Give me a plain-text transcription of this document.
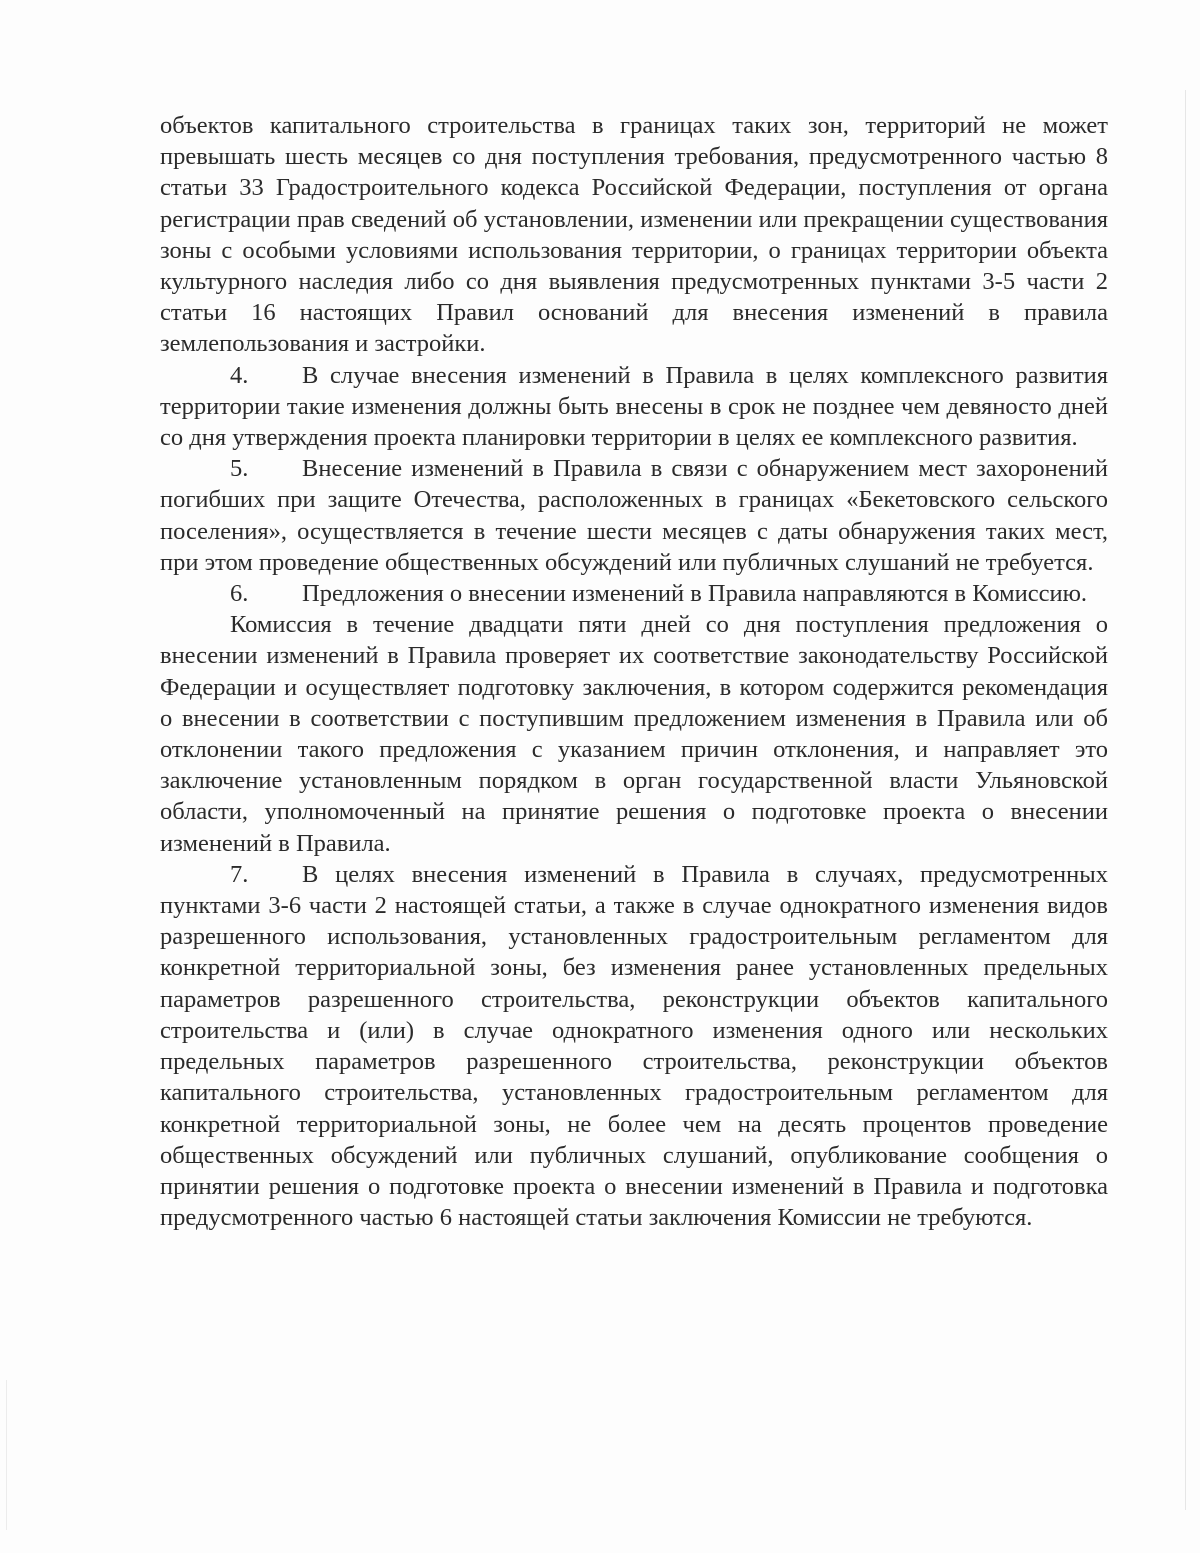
объектов капитального строительства в границах таких зон, территорий не может превышать шесть месяцев со дня поступления требования, предусмотренного частью 8 статьи 33 Градостроительного кодекса Российской Федерации, поступления от органа регистрации прав сведений об установлении, изменении или прекращении существования зоны с особыми условиями использования территории, о границах территории объекта культурного наследия либо со дня выявления предусмотренных пунктами 3-5 части 2 статьи 16 настоящих Правил оснований для внесения изменений в правила землепользования и застройки.

4. В случае внесения изменений в Правила в целях комплексного развития территории такие изменения должны быть внесены в срок не позднее чем девяносто дней со дня утверждения проекта планировки территории в целях ее комплексного развития.

5. Внесение изменений в Правила в связи с обнаружением мест захоронений погибших при защите Отечества, расположенных в границах «Бекетовского сельского поселения», осуществляется в течение шести месяцев с даты обнаружения таких мест, при этом проведение общественных обсуждений или публичных слушаний не требуется.

6. Предложения о внесении изменений в Правила направляются в Комиссию.

Комиссия в течение двадцати пяти дней со дня поступления предложения о внесении изменений в Правила проверяет их соответствие законодательству Российской Федерации и осуществляет подготовку заключения, в котором содержится рекомендация о внесении в соответствии с поступившим предложением изменения в Правила или об отклонении такого предложения с указанием причин отклонения, и направляет это заключение установленным порядком в орган государственной власти Ульяновской области, уполномоченный на принятие решения о подготовке проекта о внесении изменений в Правила.

7. В целях внесения изменений в Правила в случаях, предусмотренных пунктами 3-6 части 2 настоящей статьи, а также в случае однократного изменения видов разрешенного использования, установленных градостроительным регламентом для конкретной территориальной зоны, без изменения ранее установленных предельных параметров разрешенного строительства, реконструкции объектов капитального строительства и (или) в случае однократного изменения одного или нескольких предельных параметров разрешенного строительства, реконструкции объектов капитального строительства, установленных градостроительным регламентом для конкретной территориальной зоны, не более чем на десять процентов проведение общественных обсуждений или публичных слушаний, опубликование сообщения о принятии решения о подготовке проекта о внесении изменений в Правила и подготовка предусмотренного частью 6 настоящей статьи заключения Комиссии не требуются.
